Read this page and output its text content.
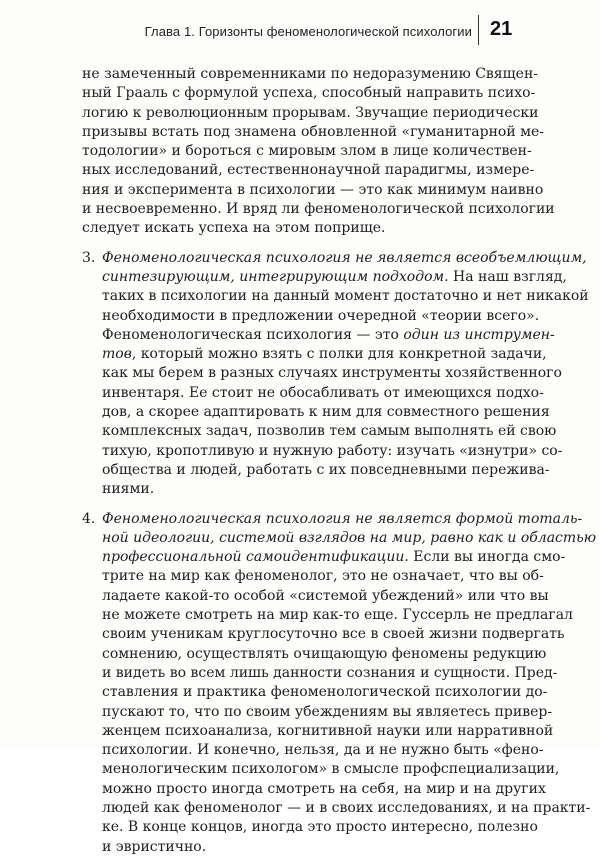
Глава 1. Горизонты феноменологической психологии 21
не замеченный современниками по недоразумению Священ-
ный Грааль с формулой успеха, способный направить психо-
логию к революционным прорывам. Звучащие периодически
призывы встать под знамена обновленной «гуманитарной ме-
тодологии» и бороться с мировым злом в лице количествен-
ных исследований, естественнонаучной парадигмы, измере-
ния и эксперимента в психологии — это как минимум наивно
и несвоевременно. И вряд ли феноменологической психологии
следует искать успеха на этом поприще.
3. Феноменологическая психология не является всеобъемлющим,
синтезирующим, интегрирующим подходом. На наш взгляд,
таких в психологии на данный момент достаточно и нет никакой
необходимости в предложении очередной «теории всего».
Феноменологическая психология — это один из инструмен-
тов, который можно взять с полки для конкретной задачи,
как мы берем в разных случаях инструменты хозяйственного
инвентаря. Ее стоит не обосабливать от имеющихся подхо-
дов, а скорее адаптировать к ним для совместного решения
комплексных задач, позволив тем самым выполнять ей свою
тихую, кропотливую и нужную работу: изучать «изнутри» со-
общества и людей, работать с их повседневными пережива-
ниями.
4. Феноменологическая психология не является формой тоталь-
ной идеологии, системой взглядов на мир, равно как и областью
профессиональной самоидентификации. Если вы иногда смо-
трите на мир как феноменолог, это не означает, что вы об-
ладаете какой-то особой «системой убеждений» или что вы
не можете смотреть на мир как-то еще. Гуссерль не предлагал
своим ученикам круглосуточно все в своей жизни подвергать
сомнению, осуществлять очищающую феномены редукцию
и видеть во всем лишь данности сознания и сущности. Пред-
ставления и практика феноменологической психологии до-
пускают то, что по своим убеждениям вы являетесь привер-
женцем психоанализа, когнитивной науки или нарративной
психологии. И конечно, нельзя, да и не нужно быть «фено-
менологическим психологом» в смысле профспециализации,
можно просто иногда смотреть на себя, на мир и на других
людей как феноменолог — и в своих исследованиях, и на практи-
ке. В конце концов, иногда это просто интересно, полезно
и эвристично.
